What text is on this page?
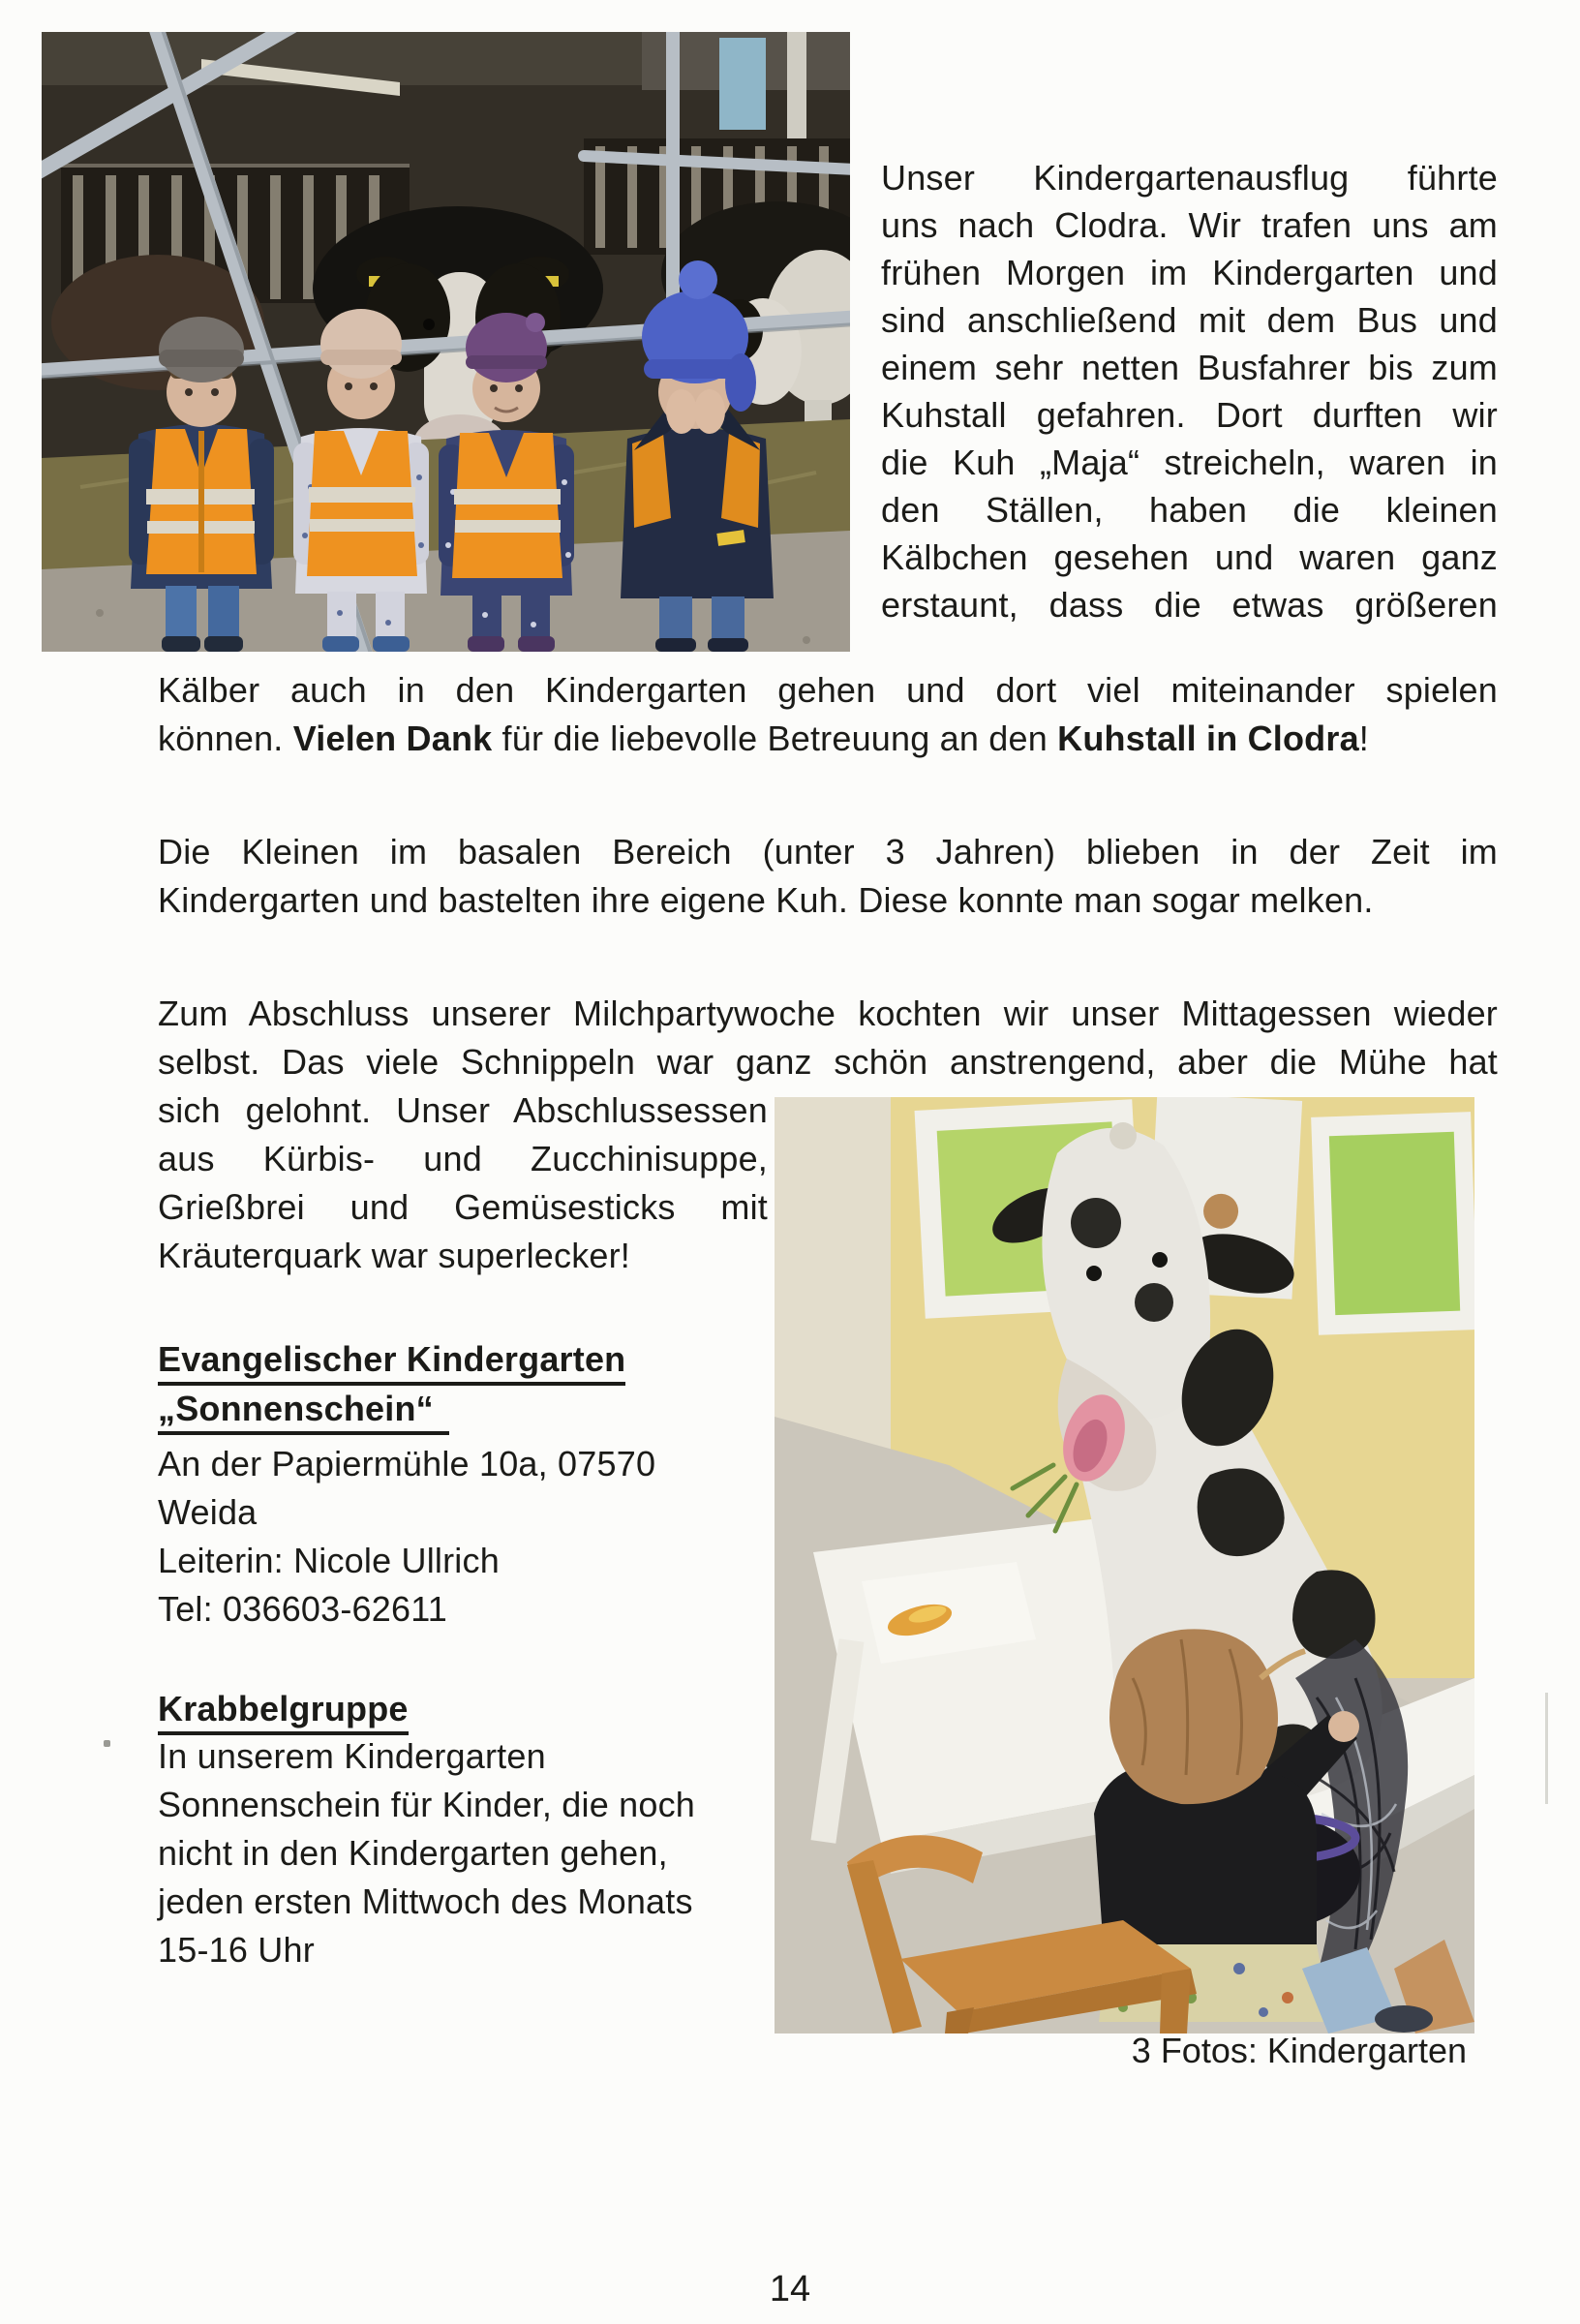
Unser Kindergartenausflug führte
uns nach Clodra. Wir trafen uns am
frühen Morgen im Kindergarten und
sind anschließend mit dem Bus und
einem sehr netten Busfahrer bis zum
Kuhstall gefahren. Dort durften wir
die Kuh „Maja“ streicheln, waren in
den Ställen, haben die kleinen
Kälbchen gesehen und waren ganz
erstaunt, dass die etwas größeren
Kälber auch in den Kindergarten gehen und dort viel miteinander spielen
können. Vielen Dank für die liebevolle Betreuung an den Kuhstall in Clodra!
Die Kleinen im basalen Bereich (unter 3 Jahren) blieben in der Zeit im
Kindergarten und bastelten ihre eigene Kuh. Diese konnte man sogar melken.
Zum Abschluss unserer Milchpartywoche kochten wir unser Mittagessen wieder
selbst. Das viele Schnippeln war ganz schön anstrengend, aber die Mühe hat
sich gelohnt. Unser Abschlussessen
aus Kürbis- und Zucchinisuppe,
Grießbrei und Gemüsesticks mit
Kräuterquark war superlecker!
Evangelischer Kindergarten
„Sonnenschein“
An der Papiermühle 10a, 07570
Weida
Leiterin: Nicole Ullrich
Tel: 036603-62611
Krabbelgruppe
In unserem Kindergarten
Sonnenschein für Kinder, die noch
nicht in den Kindergarten gehen,
jeden ersten Mittwoch des Monats
15-16 Uhr
3 Fotos: Kindergarten
14
